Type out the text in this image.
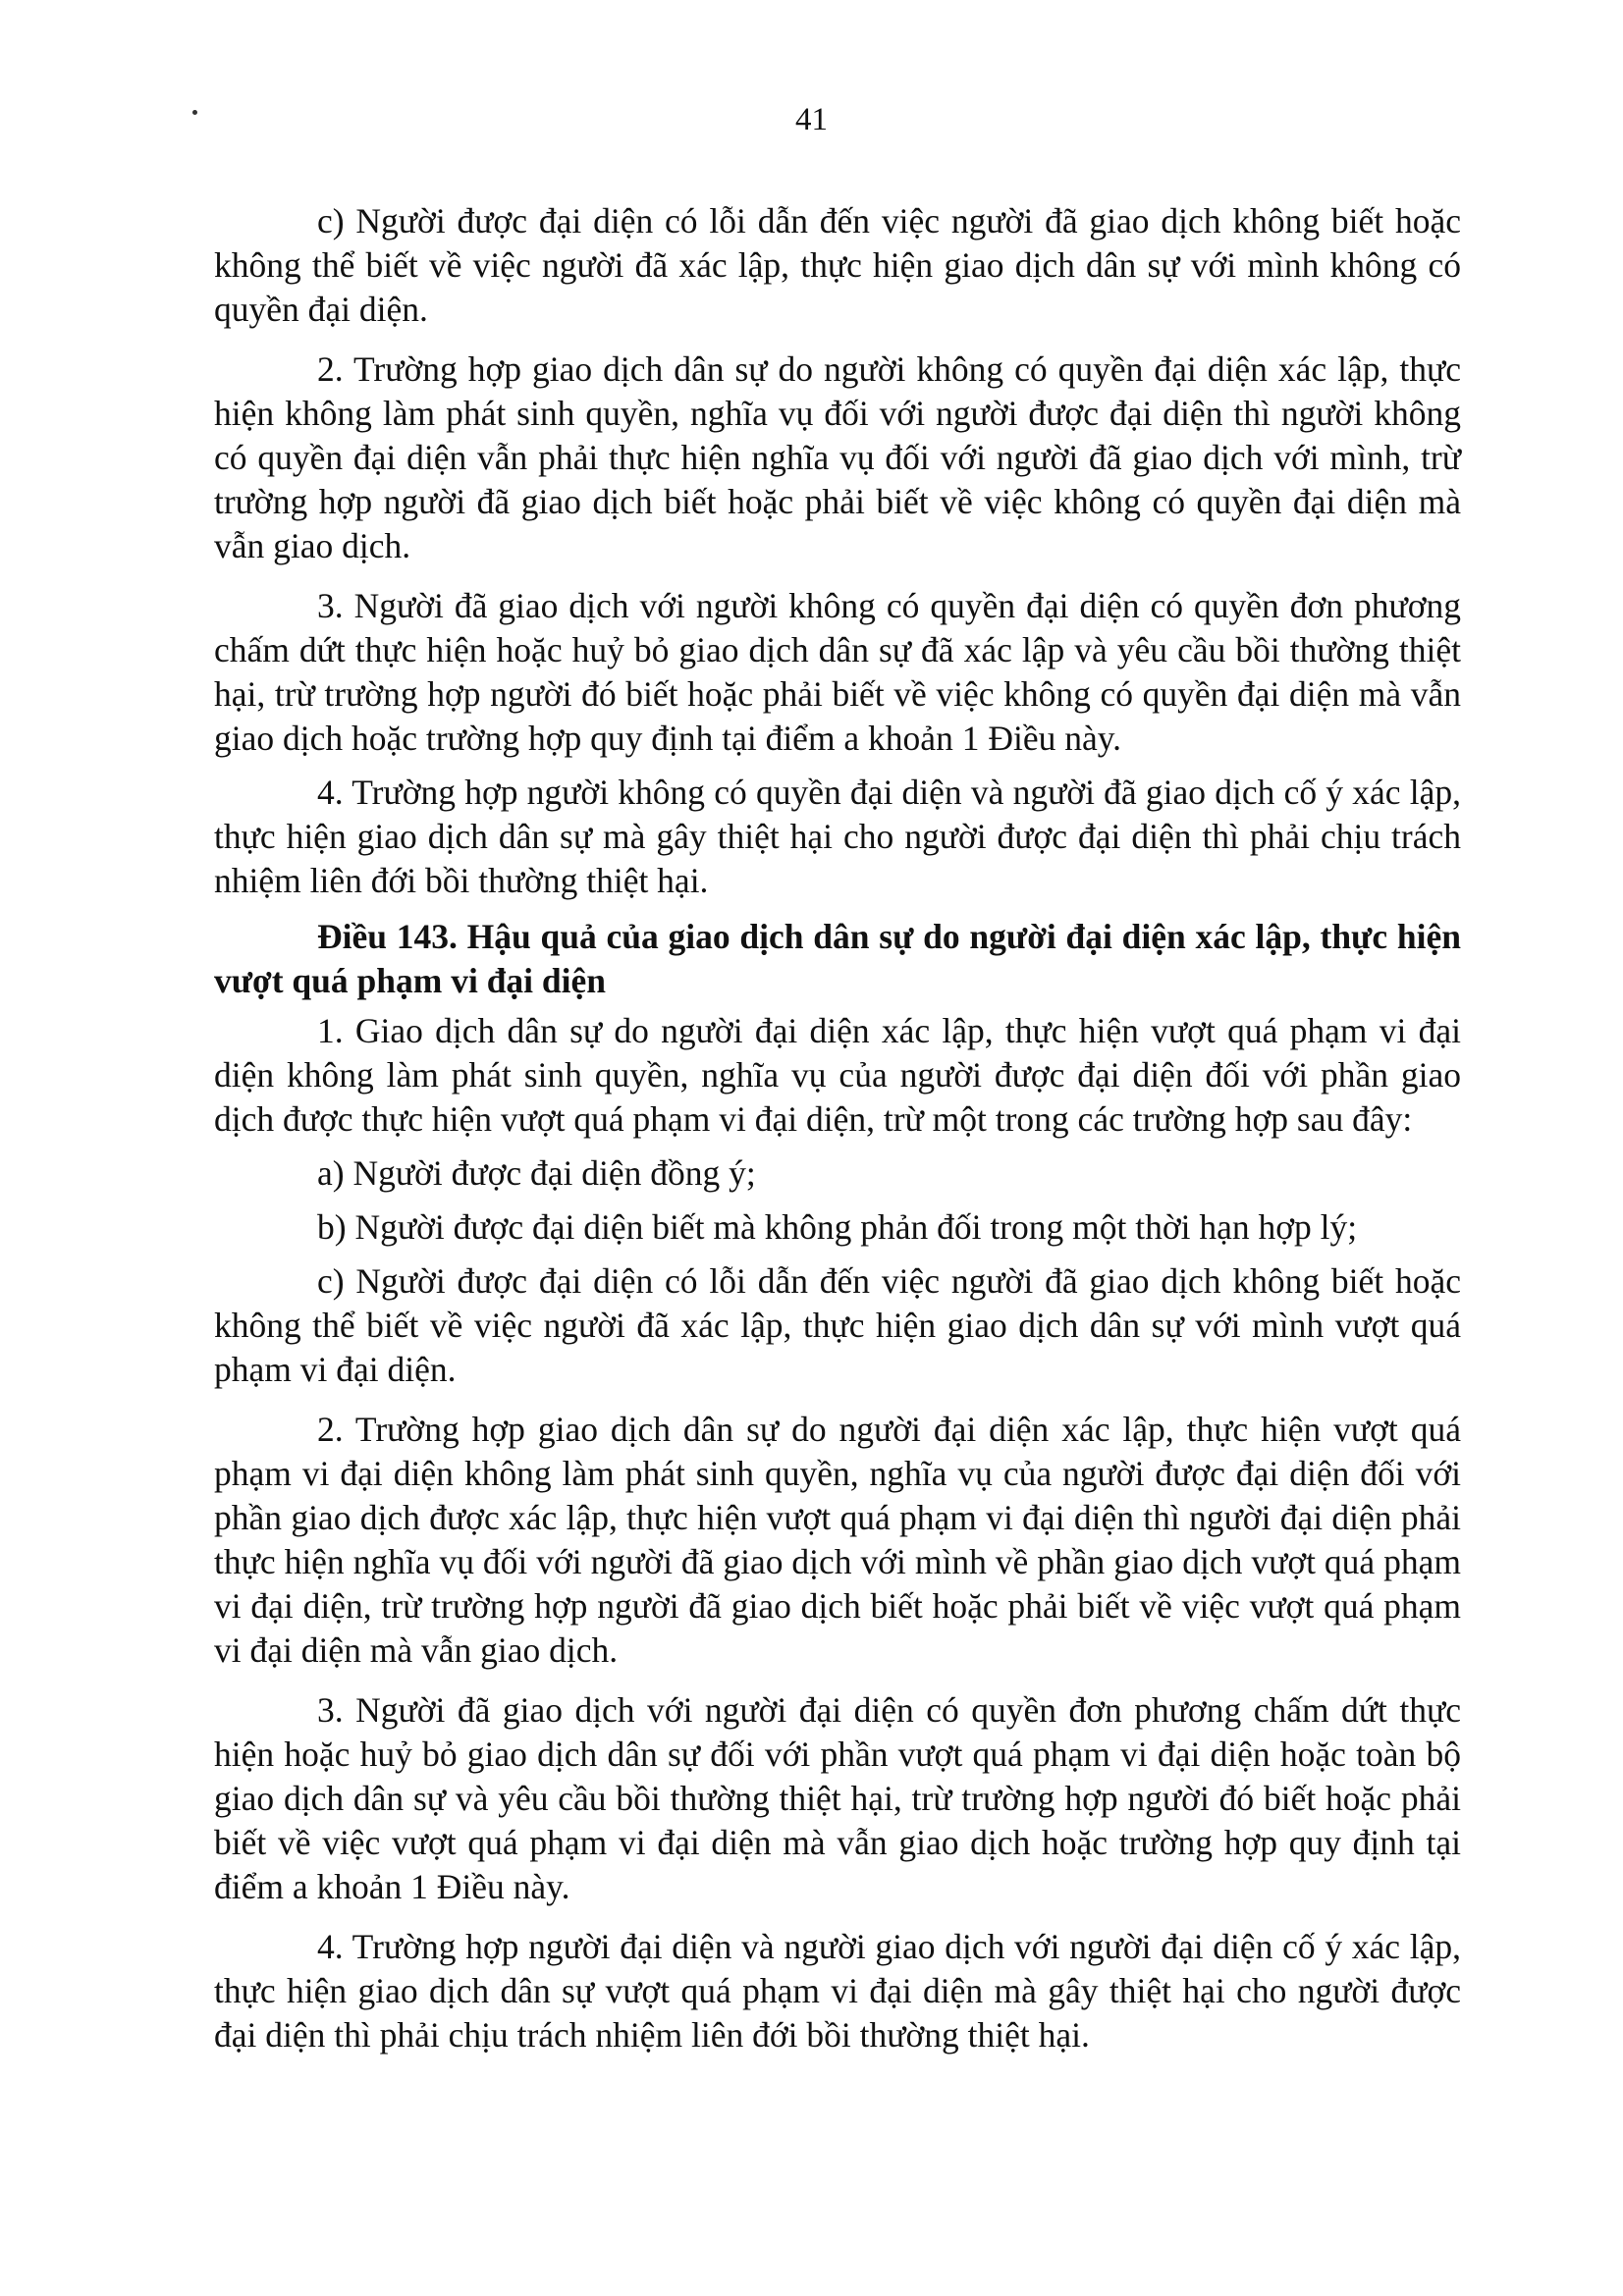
41

c) Người được đại diện có lỗi dẫn đến việc người đã giao dịch không biết hoặc không thể biết về việc người đã xác lập, thực hiện giao dịch dân sự với mình không có quyền đại diện.

2. Trường hợp giao dịch dân sự do người không có quyền đại diện xác lập, thực hiện không làm phát sinh quyền, nghĩa vụ đối với người được đại diện thì người không có quyền đại diện vẫn phải thực hiện nghĩa vụ đối với người đã giao dịch với mình, trừ trường hợp người đã giao dịch biết hoặc phải biết về việc không có quyền đại diện mà vẫn giao dịch.

3. Người đã giao dịch với người không có quyền đại diện có quyền đơn phương chấm dứt thực hiện hoặc huỷ bỏ giao dịch dân sự đã xác lập và yêu cầu bồi thường thiệt hại, trừ trường hợp người đó biết hoặc phải biết về việc không có quyền đại diện mà vẫn giao dịch hoặc trường hợp quy định tại điểm a khoản 1 Điều này.

4. Trường hợp người không có quyền đại diện và người đã giao dịch cố ý xác lập, thực hiện giao dịch dân sự mà gây thiệt hại cho người được đại diện thì phải chịu trách nhiệm liên đới bồi thường thiệt hại.

Điều 143. Hậu quả của giao dịch dân sự do người đại diện xác lập, thực hiện vượt quá phạm vi đại diện

1. Giao dịch dân sự do người đại diện xác lập, thực hiện vượt quá phạm vi đại diện không làm phát sinh quyền, nghĩa vụ của người được đại diện đối với phần giao dịch được thực hiện vượt quá phạm vi đại diện, trừ một trong các trường hợp sau đây:

a) Người được đại diện đồng ý;

b) Người được đại diện biết mà không phản đối trong một thời hạn hợp lý;

c) Người được đại diện có lỗi dẫn đến việc người đã giao dịch không biết hoặc không thể biết về việc người đã xác lập, thực hiện giao dịch dân sự với mình vượt quá phạm vi đại diện.

2. Trường hợp giao dịch dân sự do người đại diện xác lập, thực hiện vượt quá phạm vi đại diện không làm phát sinh quyền, nghĩa vụ của người được đại diện đối với phần giao dịch được xác lập, thực hiện vượt quá phạm vi đại diện thì người đại diện phải thực hiện nghĩa vụ đối với người đã giao dịch với mình về phần giao dịch vượt quá phạm vi đại diện, trừ trường hợp người đã giao dịch biết hoặc phải biết về việc vượt quá phạm vi đại diện mà vẫn giao dịch.

3. Người đã giao dịch với người đại diện có quyền đơn phương chấm dứt thực hiện hoặc huỷ bỏ giao dịch dân sự đối với phần vượt quá phạm vi đại diện hoặc toàn bộ giao dịch dân sự và yêu cầu bồi thường thiệt hại, trừ trường hợp người đó biết hoặc phải biết về việc vượt quá phạm vi đại diện mà vẫn giao dịch hoặc trường hợp quy định tại điểm a khoản 1 Điều này.

4. Trường hợp người đại diện và người giao dịch với người đại diện cố ý xác lập, thực hiện giao dịch dân sự vượt quá phạm vi đại diện mà gây thiệt hại cho người được đại diện thì phải chịu trách nhiệm liên đới bồi thường thiệt hại.
